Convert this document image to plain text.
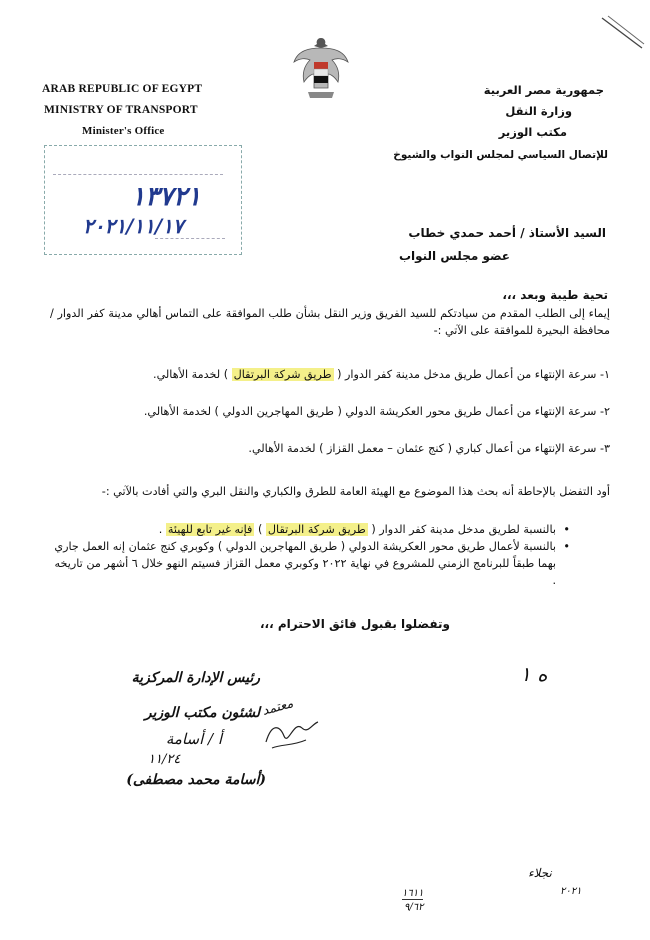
ARAB REPUBLIC OF EGYPT
MINISTRY OF TRANSPORT
Minister's Office
جمهورية مصر العربية
وزارة النقل
مكتب الوزير
للإتصال السياسي لمجلس النواب والشيوخ
١٣٧٢١
٢٠٢١/١١/١٧	السيد الأستاذ / أحمد حمدي خطاب
عضو مجلس النواب
تحية طيبة وبعد ،،،
إيماء إلى الطلب المقدم من سيادتكم للسيد الفريق وزير النقل بشأن طلب الموافقة على التماس أهالي مدينة كفر الدوار / محافظة البحيرة للموافقة على الآتي :-
١- سرعة الإنتهاء من أعمال طريق مدخل مدينة كفر الدوار ( طريق شركة البرتقال ) لخدمة الأهالي.
٢- سرعة الإنتهاء من أعمال طريق محور العكريشة الدولي ( طريق المهاجرين الدولي ) لخدمة الأهالي.
٣- سرعة الإنتهاء من أعمال كباري ( كنج عثمان – معمل القزاز ) لخدمة الأهالي.
أود التفضل بالإحاطة أنه بحث هذا الموضوع مع الهيئة العامة للطرق والكباري والنقل البري والتي أفادت بالآتي :-
• بالنسبة لطريق مدخل مدينة كفر الدوار ( طريق شركة البرتقال ) فإنه غير تابع للهيئة .
• بالنسبة لأعمال طريق محور العكريشة الدولي ( طريق المهاجرين الدولي ) وكوبري كنج عثمان إنه العمل جاري بهما طبقاً للبرنامج الزمني للمشروع في نهاية ٢٠٢٢ وكوبري معمل القزاز فسيتم النهو خلال ٦ أشهر من تاريخه .
وتفضلوا بقبول فائق الاحترام ،،،
رئيس الإدارة المركزية
لشئون مكتب الوزير
أ / أسامة
١١/٢٤
(أسامة محمد مصطفى)
معتمد
ه ١
نجلاء
٢٠٢١
١٦١١
٩/٦٢
